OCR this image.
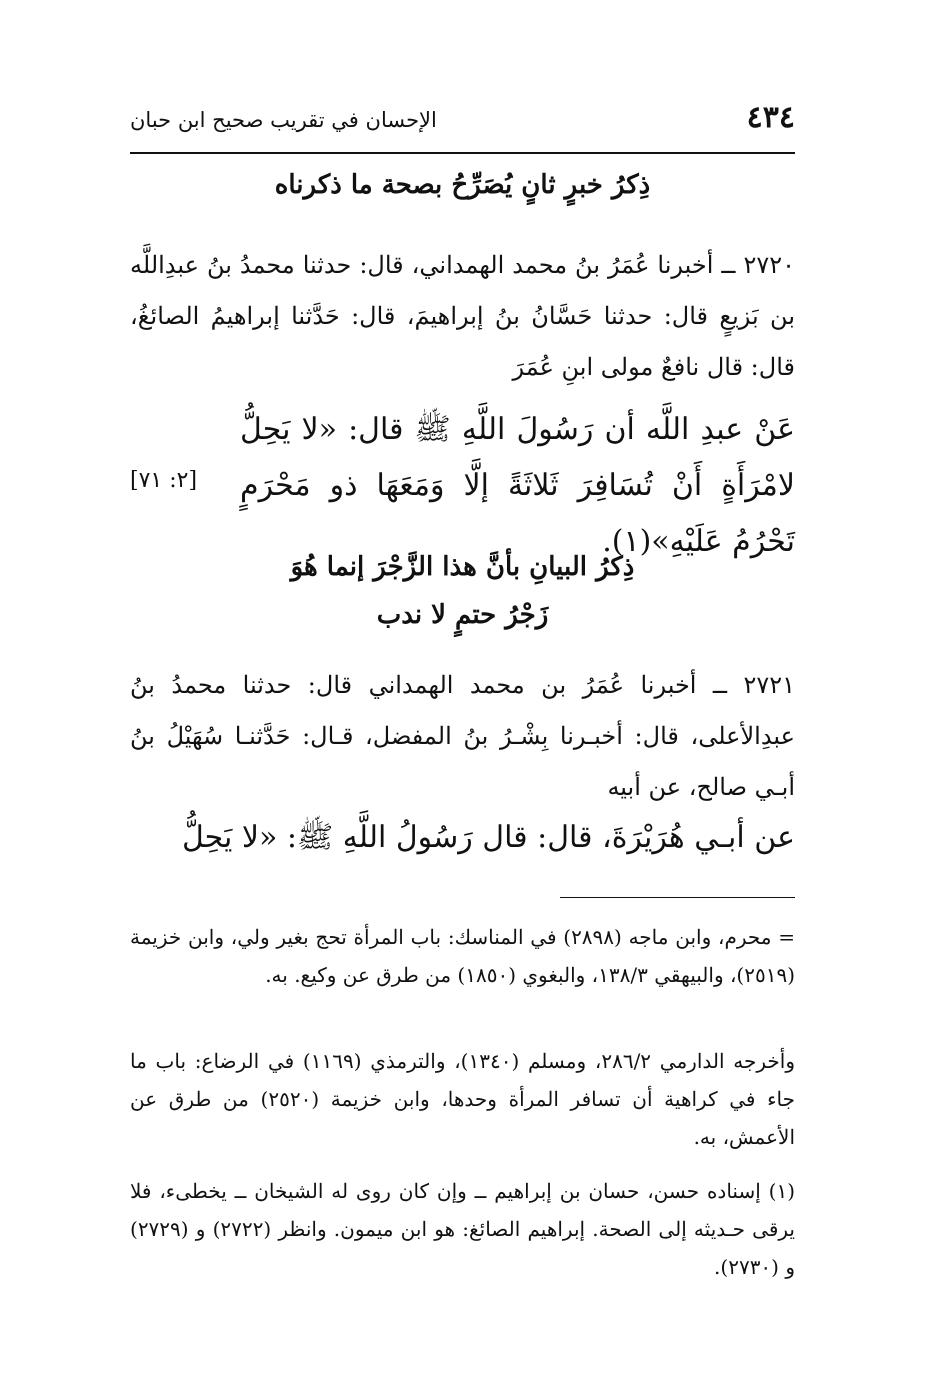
٤٣٤
الإحسان في تقريب صحيح ابن حبان
ذِكرُ خبرٍ ثانٍ يُصَرِّحُ بصحة ما ذكرناه
٢٧٢٠ ــ أخبرنا عُمَرُ بنُ محمد الهمداني، قال: حدثنا محمدُ بنُ عبدِاللَّه بن بَزيعٍ قال: حدثنا حَسَّانُ بنُ إبراهيمَ، قال: حَدَّثنا إبراهيمُ الصائغُ، قال: قال نافعٌ مولى ابنِ عُمَرَ
عَنْ عبدِ اللَّه أن رَسُولَ اللَّهِ ﷺ قال: «لا يَحِلُّ لامْرَأَةٍ أَنْ تُسَافِرَ ثَلاثَةً إلَّا وَمَعَهَا ذو مَحْرَمٍ تَحْرُمُ عَلَيْهِ»(١).
[٢: ٧١]
ذِكرُ البيانِ بأنَّ هذا الزَّجْرَ إنما هُوَ
زَجْرُ حتمٍ لا ندب
٢٧٢١ ــ أخبرنا عُمَرُ بن محمد الهمداني قال: حدثنا محمدُ بنُ عبدِالأعلى، قال: أخبـرنا بِشْـرُ بنُ المفضل، قـال: حَدَّثنـا سُهَيْلُ بنُ أبـي صالح، عن أبيه
عن أبـي هُرَيْرَةَ، قال: قال رَسُولُ اللَّهِ ﷺ: «لا يَحِلُّ
= محرم، وابن ماجه (٢٨٩٨) في المناسك: باب المرأة تحج بغير ولي، وابن خزيمة (٢٥١٩)، والبيهقي ١٣٨/٣، والبغوي (١٨٥٠) من طرق عن وكيع. به.
وأخرجه الدارمي ٢٨٦/٢، ومسلم (١٣٤٠)، والترمذي (١١٦٩) في الرضاع: باب ما جاء في كراهية أن تسافر المرأة وحدها، وابن خزيمة (٢٥٢٠) من طرق عن الأعمش، به.
(١) إسناده حسن، حسان بن إبراهيم ــ وإن كان روى له الشيخان ــ يخطىء، فلا يرقى حـديثه إلى الصحة. إبراهيم الصائغ: هو ابن ميمون. وانظر (٢٧٢٢) و (٢٧٢٩) و (٢٧٣٠).
